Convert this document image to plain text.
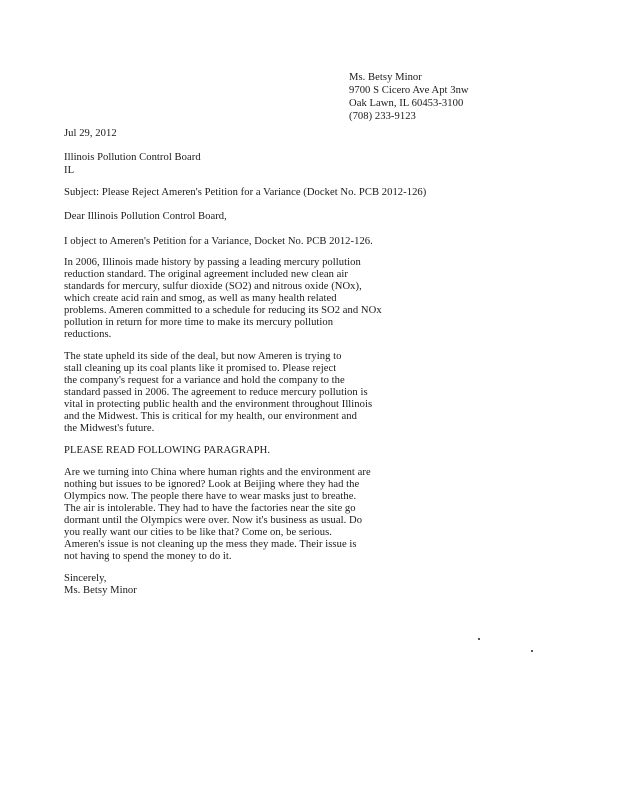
Ms. Betsy Minor
9700 S Cicero Ave Apt 3nw
Oak Lawn, IL 60453-3100
(708) 233-9123
Jul 29, 2012
Illinois Pollution Control Board
IL
Subject: Please Reject Ameren's Petition for a Variance (Docket No. PCB 2012-126)
Dear Illinois Pollution Control Board,
I object to Ameren's Petition for a Variance, Docket No. PCB 2012-126.
In 2006, Illinois made history by passing a leading mercury pollution
reduction standard. The original agreement included new clean air
standards for mercury, sulfur dioxide (SO2) and nitrous oxide (NOx),
which create acid rain and smog, as well as many health related
problems. Ameren committed to a schedule for reducing its SO2 and NOx
pollution in return for more time to make its mercury pollution
reductions.
The state upheld its side of the deal, but now Ameren is trying to
stall cleaning up its coal plants like it promised to. Please reject
the company's request for a variance and hold the company to the
standard passed in 2006. The agreement to reduce mercury pollution is
vital in protecting public health and the environment throughout Illinois
and the Midwest. This is critical for my health, our environment and
the Midwest's future.
PLEASE READ FOLLOWING PARAGRAPH.
Are we turning into China where human rights and the environment are
nothing but issues to be ignored? Look at Beijing where they had the
Olympics now. The people there have to wear masks just to breathe.
The air is intolerable. They had to have the factories near the site go
dormant until the Olympics were over. Now it's business as usual. Do
you really want our cities to be like that? Come on, be serious.
Ameren's issue is not cleaning up the mess they made. Their issue is
not having to spend the money to do it.
Sincerely,
Ms. Betsy Minor
